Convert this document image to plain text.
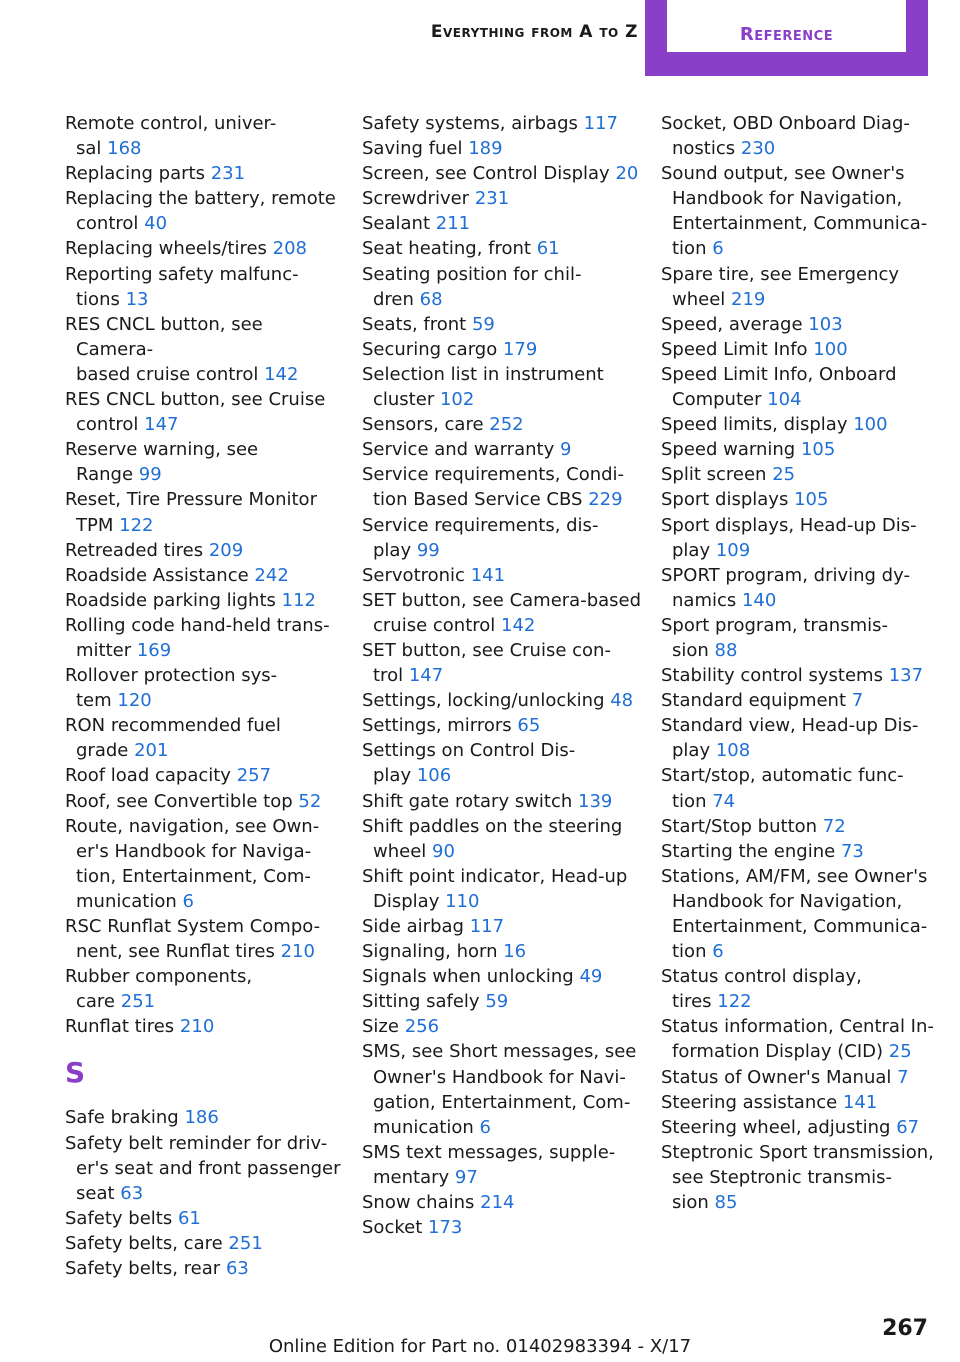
Everything from A to Z	Reference
Remote control, univer-
sal 168
Replacing parts 231
Replacing the battery, remote
control 40
Replacing wheels/tires 208
Reporting safety malfunc-
tions 13
RES CNCL button, see Camera-
based cruise control 142
RES CNCL button, see Cruise
control 147
Reserve warning, see
Range 99
Reset, Tire Pressure Monitor
TPM 122
Retreaded tires 209
Roadside Assistance 242
Roadside parking lights 112
Rolling code hand-held trans-
mitter 169
Rollover protection sys-
tem 120
RON recommended fuel
grade 201
Roof load capacity 257
Roof, see Convertible top 52
Route, navigation, see Own-
er's Handbook for Naviga-
tion, Entertainment, Com-
munication 6
RSC Runflat System Compo-
nent, see Runflat tires 210
Rubber components,
care 251
Runflat tires 210
S
Safe braking 186
Safety belt reminder for driv-
er's seat and front passenger
seat 63
Safety belts 61
Safety belts, care 251
Safety belts, rear 63
Safety systems, airbags 117
Saving fuel 189
Screen, see Control Display 20
Screwdriver 231
Sealant 211
Seat heating, front 61
Seating position for chil-
dren 68
Seats, front 59
Securing cargo 179
Selection list in instrument
cluster 102
Sensors, care 252
Service and warranty 9
Service requirements, Condi-
tion Based Service CBS 229
Service requirements, dis-
play 99
Servotronic 141
SET button, see Camera-based
cruise control 142
SET button, see Cruise con-
trol 147
Settings, locking/unlocking 48
Settings, mirrors 65
Settings on Control Dis-
play 106
Shift gate rotary switch 139
Shift paddles on the steering
wheel 90
Shift point indicator, Head-up
Display 110
Side airbag 117
Signaling, horn 16
Signals when unlocking 49
Sitting safely 59
Size 256
SMS, see Short messages, see
Owner's Handbook for Navi-
gation, Entertainment, Com-
munication 6
SMS text messages, supple-
mentary 97
Snow chains 214
Socket 173
Socket, OBD Onboard Diag-
nostics 230
Sound output, see Owner's
Handbook for Navigation,
Entertainment, Communica-
tion 6
Spare tire, see Emergency
wheel 219
Speed, average 103
Speed Limit Info 100
Speed Limit Info, Onboard
Computer 104
Speed limits, display 100
Speed warning 105
Split screen 25
Sport displays 105
Sport displays, Head-up Dis-
play 109
SPORT program, driving dy-
namics 140
Sport program, transmis-
sion 88
Stability control systems 137
Standard equipment 7
Standard view, Head-up Dis-
play 108
Start/stop, automatic func-
tion 74
Start/Stop button 72
Starting the engine 73
Stations, AM/FM, see Owner's
Handbook for Navigation,
Entertainment, Communica-
tion 6
Status control display,
tires 122
Status information, Central In-
formation Display (CID) 25
Status of Owner's Manual 7
Steering assistance 141
Steering wheel, adjusting 67
Steptronic Sport transmission,
see Steptronic transmis-
sion 85
267
Online Edition for Part no. 01402983394 - X/17
